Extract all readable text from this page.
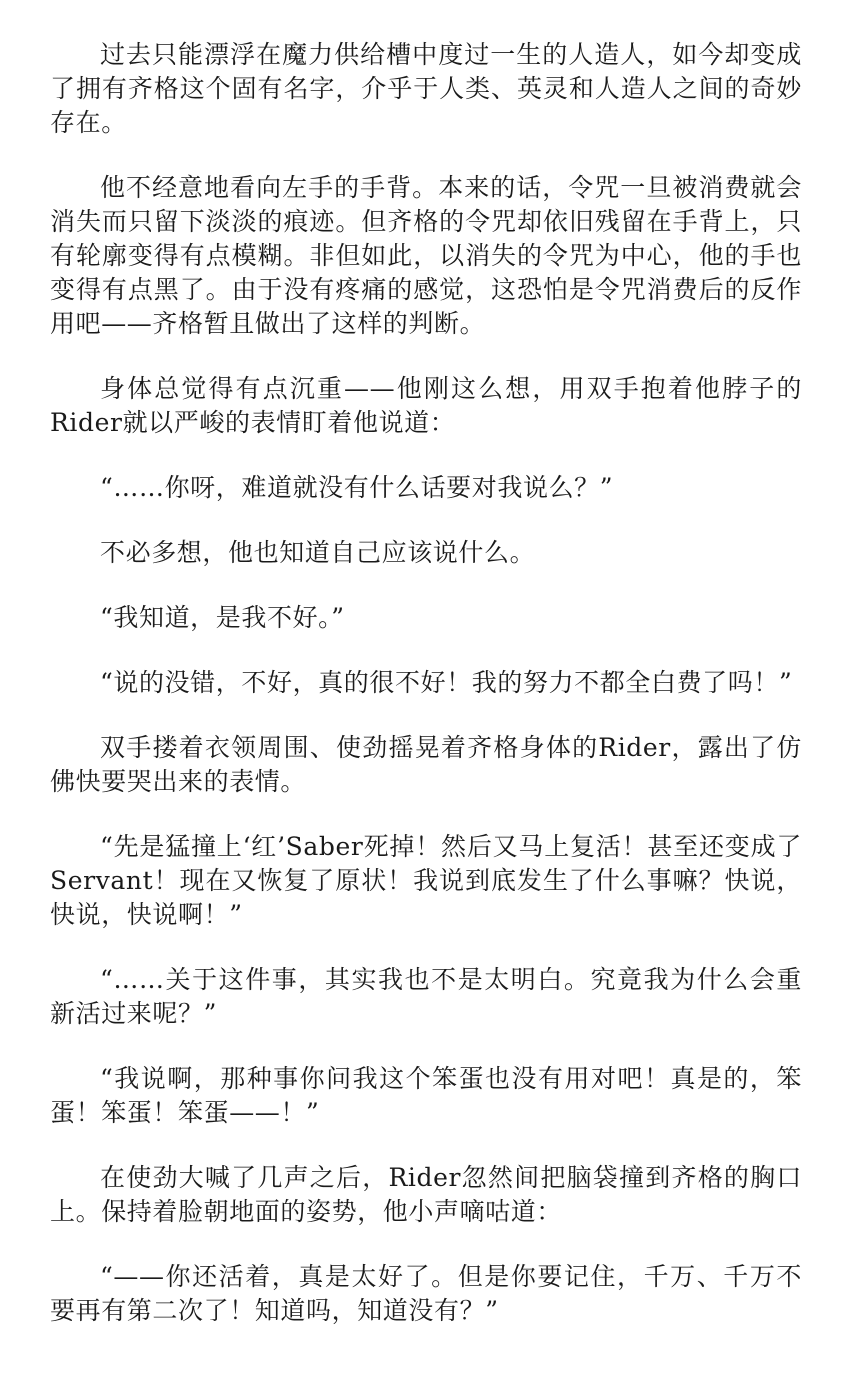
过去只能漂浮在魔力供给槽中度过一生的人造人，如今却变成了拥有齐格这个固有名字，介乎于人类、英灵和人造人之间的奇妙存在。

他不经意地看向左手的手背。本来的话，令咒一旦被消费就会消失而只留下淡淡的痕迹。但齐格的令咒却依旧残留在手背上，只有轮廓变得有点模糊。非但如此，以消失的令咒为中心，他的手也变得有点黑了。由于没有疼痛的感觉，这恐怕是令咒消费后的反作用吧——齐格暂且做出了这样的判断。

身体总觉得有点沉重——他刚这么想，用双手抱着他脖子的Rider就以严峻的表情盯着他说道：

“……你呀，难道就没有什么话要对我说么？”

不必多想，他也知道自己应该说什么。

“我知道，是我不好。”

“说的没错，不好，真的很不好！我的努力不都全白费了吗！”

双手搂着衣领周围、使劲摇晃着齐格身体的Rider，露出了仿佛快要哭出来的表情。

“先是猛撞上‘红’Saber死掉！然后又马上复活！甚至还变成了Servant！现在又恢复了原状！我说到底发生了什么事嘛？快说，快说，快说啊！”

“……关于这件事，其实我也不是太明白。究竟我为什么会重新活过来呢？”

“我说啊，那种事你问我这个笨蛋也没有用对吧！真是的，笨蛋！笨蛋！笨蛋——！”

在使劲大喊了几声之后，Rider忽然间把脑袋撞到齐格的胸口上。保持着脸朝地面的姿势，他小声嘀咕道：

“——你还活着，真是太好了。但是你要记住，千万、千万不要再有第二次了！知道吗，知道没有？”
